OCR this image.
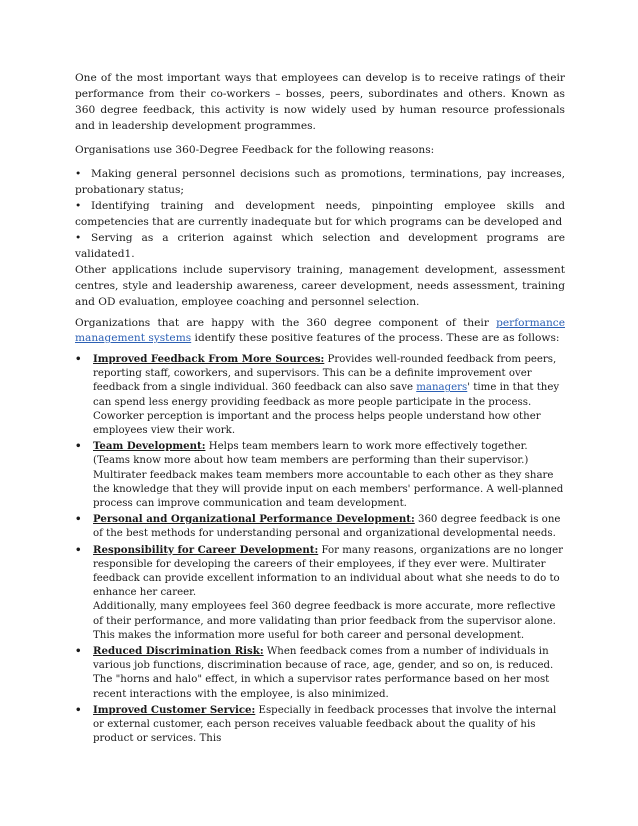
One of the most important ways that employees can develop is to receive ratings of their performance from their co-workers – bosses, peers, subordinates and others. Known as 360 degree feedback, this activity is now widely used by human resource professionals and in leadership development programmes.

Organisations use 360-Degree Feedback for the following reasons:

• Making general personnel decisions such as promotions, terminations, pay increases, probationary status;

• Identifying training and development needs, pinpointing employee skills and competencies that are currently inadequate but for which programs can be developed and

• Serving as a criterion against which selection and development programs are validated1.

Other applications include supervisory training, management development, assessment centres, style and leadership awareness, career development, needs assessment, training and OD evaluation, employee coaching and personnel selection.

Organizations that are happy with the 360 degree component of their performance management systems identify these positive features of the process. These are as follows:

• Improved Feedback From More Sources: Provides well-rounded feedback from peers, reporting staff, coworkers, and supervisors. This can be a definite improvement over feedback from a single individual. 360 feedback can also save managers' time in that they can spend less energy providing feedback as more people participate in the process. Coworker perception is important and the process helps people understand how other employees view their work.
• Team Development: Helps team members learn to work more effectively together. (Teams know more about how team members are performing than their supervisor.) Multirater feedback makes team members more accountable to each other as they share the knowledge that they will provide input on each members' performance. A well-planned process can improve communication and team development.
• Personal and Organizational Performance Development: 360 degree feedback is one of the best methods for understanding personal and organizational developmental needs.
• Responsibility for Career Development: For many reasons, organizations are no longer responsible for developing the careers of their employees, if they ever were. Multirater feedback can provide excellent information to an individual about what she needs to do to enhance her career.
Additionally, many employees feel 360 degree feedback is more accurate, more reflective of their performance, and more validating than prior feedback from the supervisor alone. This makes the information more useful for both career and personal development.
• Reduced Discrimination Risk: When feedback comes from a number of individuals in various job functions, discrimination because of race, age, gender, and so on, is reduced. The "horns and halo" effect, in which a supervisor rates performance based on her most recent interactions with the employee, is also minimized.
• Improved Customer Service: Especially in feedback processes that involve the internal or external customer, each person receives valuable feedback about the quality of his product or services. This
